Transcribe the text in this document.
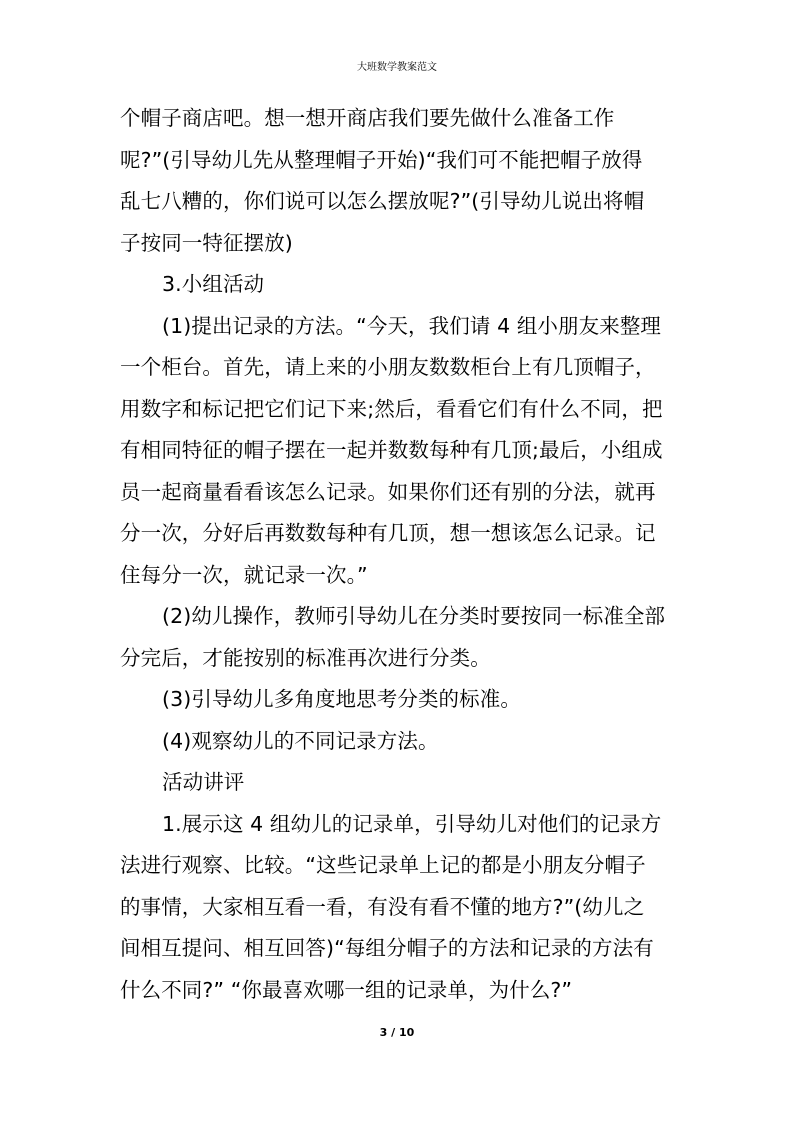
大班数学教案范文
个帽子商店吧。想一想开商店我们要先做什么准备工作
呢?”(引导幼儿先从整理帽子开始)“我们可不能把帽子放得
乱七八糟的，你们说可以怎么摆放呢?”(引导幼儿说出将帽
子按同一特征摆放)
3.小组活动
(1)提出记录的方法。“今天，我们请 4 组小朋友来整理
一个柜台。首先，请上来的小朋友数数柜台上有几顶帽子，
用数字和标记把它们记下来;然后，看看它们有什么不同，把
有相同特征的帽子摆在一起并数数每种有几顶;最后，小组成
员一起商量看看该怎么记录。如果你们还有别的分法，就再
分一次，分好后再数数每种有几顶，想一想该怎么记录。记
住每分一次，就记录一次。”
(2)幼儿操作，教师引导幼儿在分类时要按同一标准全部
分完后，才能按别的标准再次进行分类。
(3)引导幼儿多角度地思考分类的标准。
(4)观察幼儿的不同记录方法。
活动讲评
1.展示这 4 组幼儿的记录单，引导幼儿对他们的记录方
法进行观察、比较。“这些记录单上记的都是小朋友分帽子
的事情，大家相互看一看，有没有看不懂的地方?”(幼儿之
间相互提问、相互回答)“每组分帽子的方法和记录的方法有
什么不同?” “你最喜欢哪一组的记录单，为什么?”
3 / 10
